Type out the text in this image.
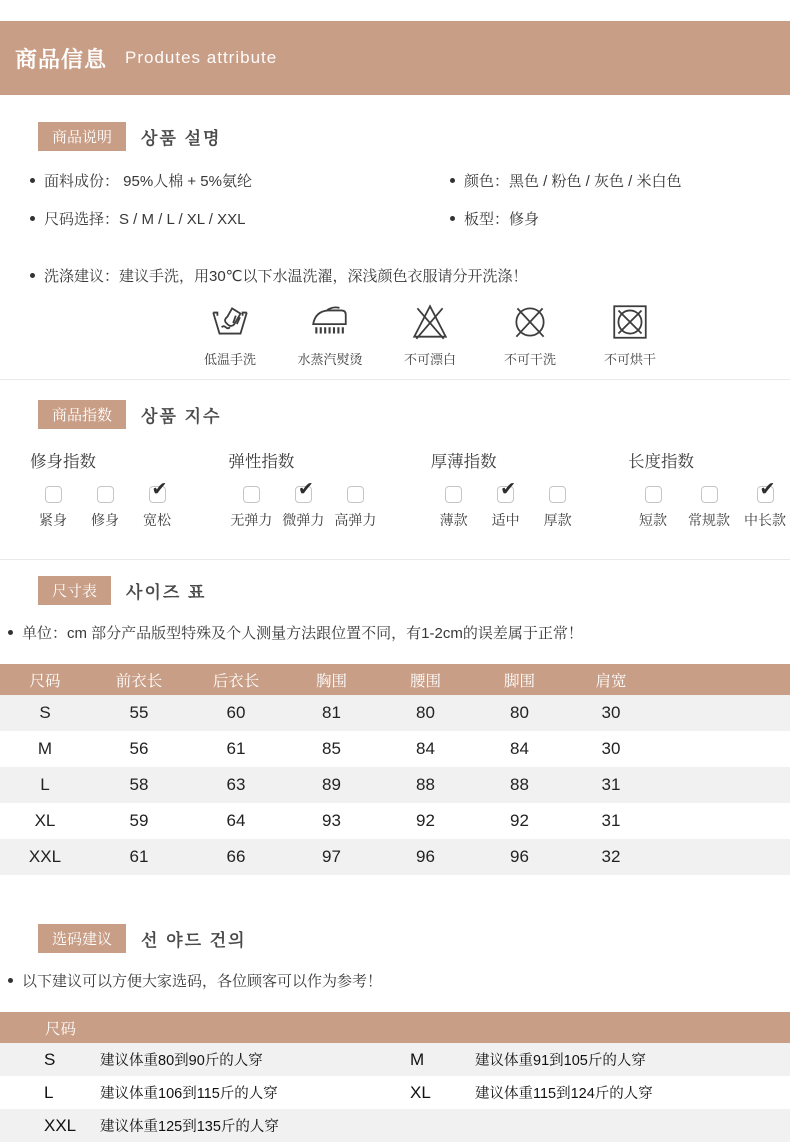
商品信息 Produtes attribute
商品说明	상품 설명
面料成份： 95%人棉 + 5%氨纶	颜色：黑色 / 粉色 / 灰色 / 米白色
尺码选择：S / M / L / XL / XXL	板型：修身
洗涤建议：建议手洗，用30℃以下水温洗濯，深浅颜色衣服请分开洗涤！
低温手洗	水蒸汽熨烫	不可漂白	不可干洗	不可烘干
商品指数	상품 지수
修身指数
紧身 修身
✔ 宽松
弹性指数
无弹力
✔ 微弹力 高弹力
厚薄指数
薄款
✔ 适中 厚款
长度指数
短款 常规款
✔ 中长款
尺寸表	사이즈 표
单位：cm 部分产品版型特殊及个人测量方法跟位置不同，有1-2cm的误差属于正常！
尺码	前衣长	后衣长	胸围	腰围	脚围	肩宽	
S	55	60	81	80	80	30	
M	56	61	85	84	84	30	
L	58	63	89	88	88	31	
XL	59	64	93	92	92	31	
XXL	61	66	97	96	96	32	
选码建议	선 야드 건의
以下建议可以方便大家选码，各位顾客可以作为参考！
尺码			
S	建议体重80到90斤的人穿	M	建议体重91到105斤的人穿
L	建议体重106到115斤的人穿	XL	建议体重115到124斤的人穿
XXL	建议体重125到135斤的人穿		
